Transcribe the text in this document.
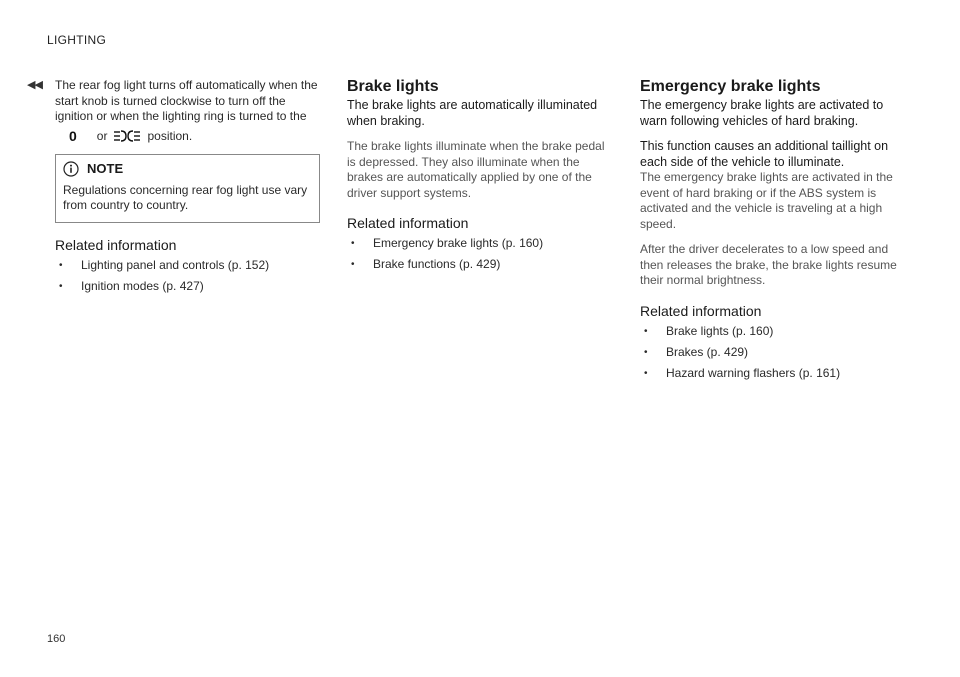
LIGHTING
◀◀ The rear fog light turns off automatically when the start knob is turned clockwise to turn off the ignition or when the lighting ring is turned to the

0 or	position.
NOTE

Regulations concerning rear fog light use vary from country to country.

Related information
•	Lighting panel and controls (p. 152)
•	Ignition modes (p. 427)
Brake lights

The brake lights are automatically illuminated when braking.

The brake lights illuminate when the brake pedal is depressed. They also illuminate when the brakes are automatically applied by one of the driver support systems.

Related information
•	Emergency brake lights (p. 160)
•	Brake functions (p. 429)
Emergency brake lights

The emergency brake lights are activated to warn following vehicles of hard braking.

This function causes an additional taillight on each side of the vehicle to illuminate.

The emergency brake lights are activated in the event of hard braking or if the ABS system is activated and the vehicle is traveling at a high speed.

After the driver decelerates to a low speed and then releases the brake, the brake lights resume their normal brightness.

Related information
•	Brake lights (p. 160)
•	Brakes (p. 429)
•	Hazard warning flashers (p. 161)
160
